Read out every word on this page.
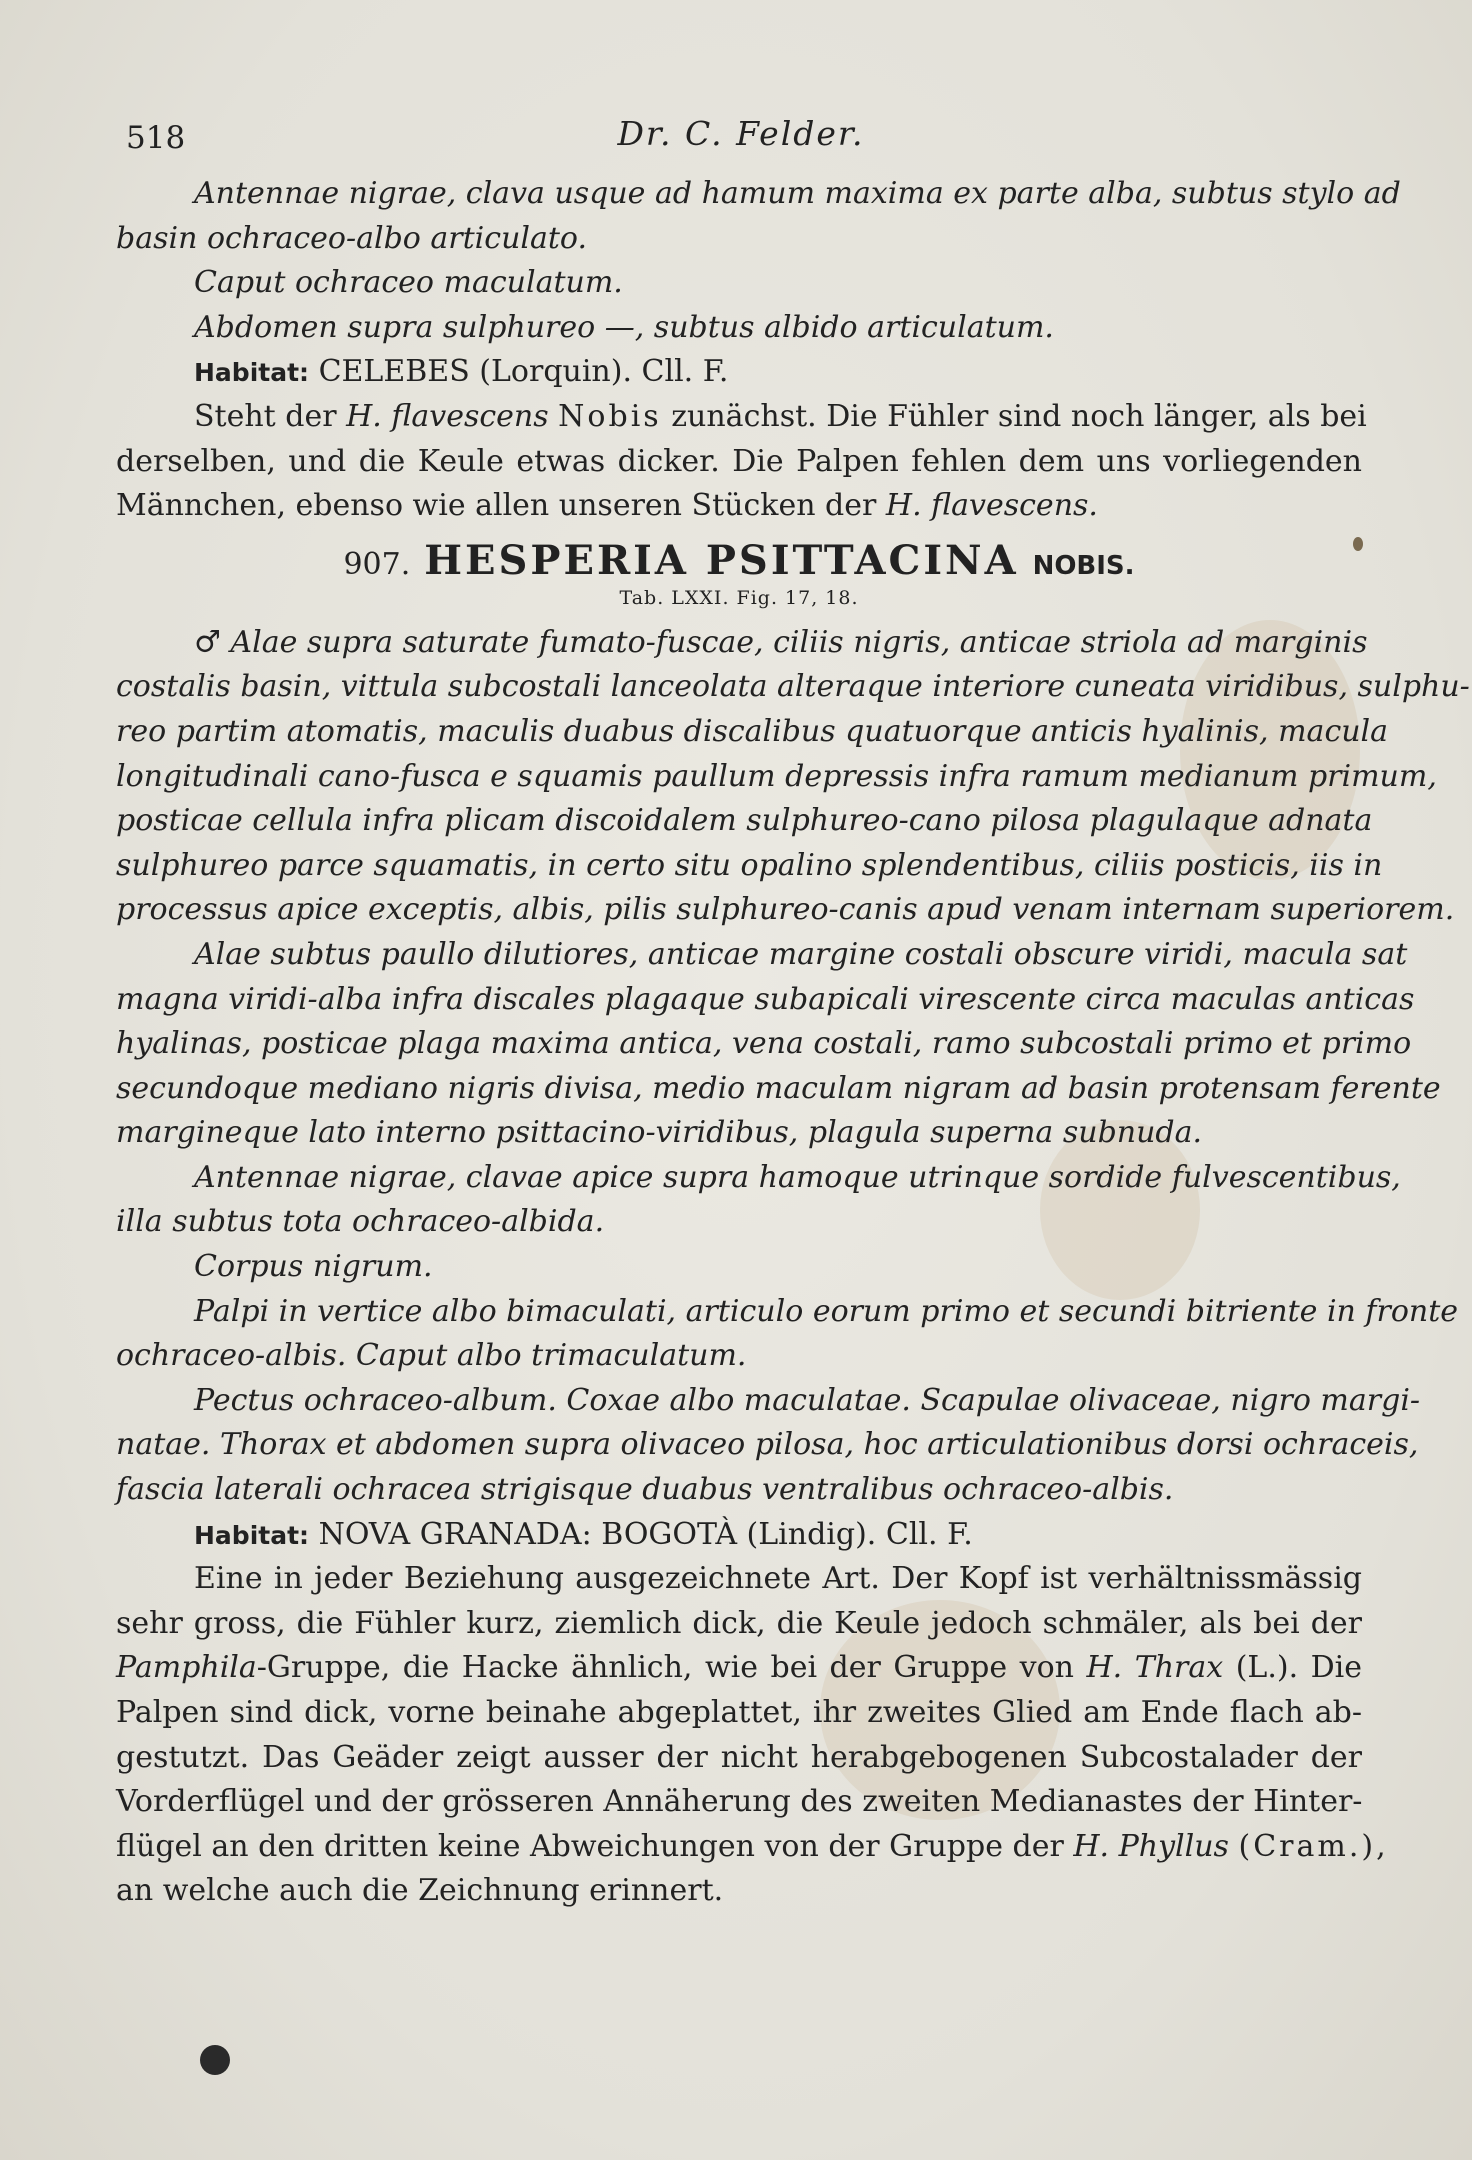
518	Dr. C. Felder.
Antennae nigrae, clava usque ad hamum maxima ex parte alba, subtus stylo ad
basin ochraceo-albo articulato.
Caput ochraceo maculatum.
Abdomen supra sulphureo —, subtus albido articulatum.
Habitat: CELEBES (Lorquin). Cll. F.
Steht der H. flavescens Nobis zunächst. Die Fühler sind noch länger, als bei
derselben, und die Keule etwas dicker. Die Palpen fehlen dem uns vorliegenden
Männchen, ebenso wie allen unseren Stücken der H. flavescens.
907. HESPERIA PSITTACINA NOBIS.
Tab. LXXI. Fig. 17, 18.
♂ Alae supra saturate fumato-fuscae, ciliis nigris, anticae striola ad marginis
costalis basin, vittula subcostali lanceolata alteraque interiore cuneata viridibus, sulphu-
reo partim atomatis, maculis duabus discalibus quatuorque anticis hyalinis, macula
longitudinali cano-fusca e squamis paullum depressis infra ramum medianum primum,
posticae cellula infra plicam discoidalem sulphureo-cano pilosa plagulaque adnata
sulphureo parce squamatis, in certo situ opalino splendentibus, ciliis posticis, iis in
processus apice exceptis, albis, pilis sulphureo-canis apud venam internam superiorem.
Alae subtus paullo dilutiores, anticae margine costali obscure viridi, macula sat
magna viridi-alba infra discales plagaque subapicali virescente circa maculas anticas
hyalinas, posticae plaga maxima antica, vena costali, ramo subcostali primo et primo
secundoque mediano nigris divisa, medio maculam nigram ad basin protensam ferente
margineque lato interno psittacino-viridibus, plagula superna subnuda.
Antennae nigrae, clavae apice supra hamoque utrinque sordide fulvescentibus,
illa subtus tota ochraceo-albida.
Corpus nigrum.
Palpi in vertice albo bimaculati, articulo eorum primo et secundi bitriente in fronte
ochraceo-albis. Caput albo trimaculatum.
Pectus ochraceo-album. Coxae albo maculatae. Scapulae olivaceae, nigro margi-
natae. Thorax et abdomen supra olivaceo pilosa, hoc articulationibus dorsi ochraceis,
fascia laterali ochracea strigisque duabus ventralibus ochraceo-albis.
Habitat: NOVA GRANADA: BOGOTÀ (Lindig). Cll. F.
Eine in jeder Beziehung ausgezeichnete Art. Der Kopf ist verhältnissmässig
sehr gross, die Fühler kurz, ziemlich dick, die Keule jedoch schmäler, als bei der
Pamphila-Gruppe, die Hacke ähnlich, wie bei der Gruppe von H. Thrax (L.). Die
Palpen sind dick, vorne beinahe abgeplattet, ihr zweites Glied am Ende flach ab-
gestutzt. Das Geäder zeigt ausser der nicht herabgebogenen Subcostalader der
Vorderflügel und der grösseren Annäherung des zweiten Medianastes der Hinter-
flügel an den dritten keine Abweichungen von der Gruppe der H. Phyllus (Cram.),
an welche auch die Zeichnung erinnert.
